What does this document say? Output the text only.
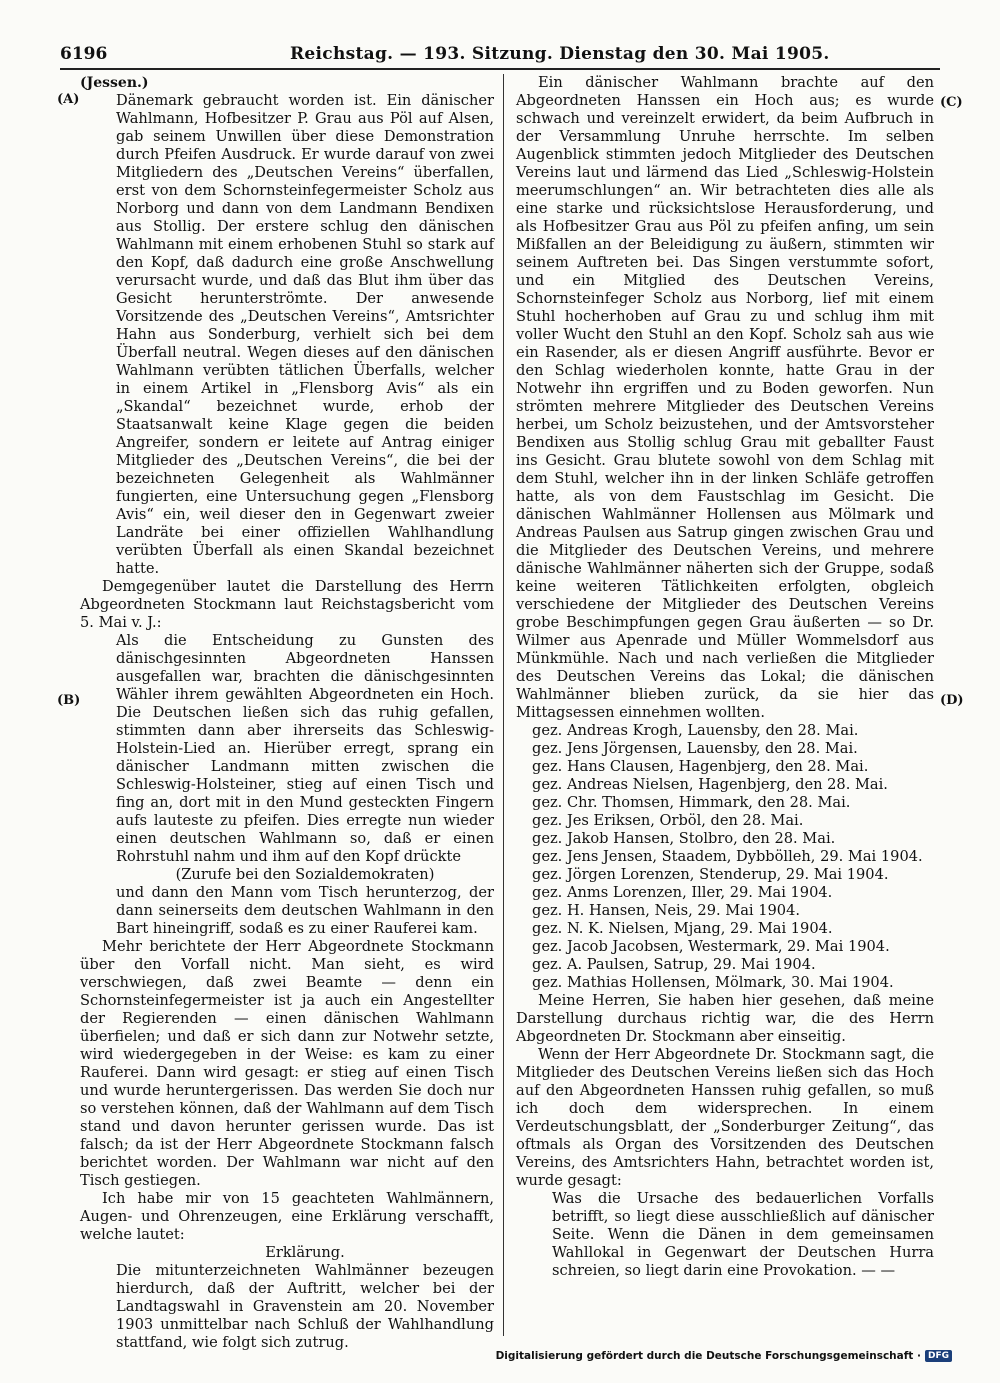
6196	Reichstag. — 193. Sitzung. Dienstag den 30. Mai 1905.
(A)
(B)
(C)
(D)

(Jessen.)

Dänemark gebraucht worden ist. Ein dänischer Wahlmann, Hofbesitzer P. Grau aus Pöl auf Alsen, gab seinem Unwillen über diese Demonstration durch Pfeifen Ausdruck. Er wurde darauf von zwei Mitgliedern des „Deutschen Vereins“ überfallen, erst von dem Schornsteinfegermeister Scholz aus Norborg und dann von dem Landmann Bendixen aus Stollig. Der erstere schlug den dänischen Wahlmann mit einem erhobenen Stuhl so stark auf den Kopf, daß dadurch eine große Anschwellung verursacht wurde, und daß das Blut ihm über das Gesicht herunterströmte. Der anwesende Vorsitzende des „Deutschen Vereins“, Amtsrichter Hahn aus Sonderburg, verhielt sich bei dem Überfall neutral. Wegen dieses auf den dänischen Wahlmann verübten tätlichen Überfalls, welcher in einem Artikel in „Flensborg Avis“ als ein „Skandal“ bezeichnet wurde, erhob der Staatsanwalt keine Klage gegen die beiden Angreifer, sondern er leitete auf Antrag einiger Mitglieder des „Deutschen Vereins“, die bei der bezeichneten Gelegenheit als Wahlmänner fungierten, eine Untersuchung gegen „Flensborg Avis“ ein, weil dieser den in Gegenwart zweier Landräte bei einer offiziellen Wahlhandlung verübten Überfall als einen Skandal bezeichnet hatte.

Demgegenüber lautet die Darstellung des Herrn Abgeordneten Stockmann laut Reichstagsbericht vom 5. Mai v. J.:

Als die Entscheidung zu Gunsten des dänischgesinnten Abgeordneten Hanssen ausgefallen war, brachten die dänischgesinnten Wähler ihrem gewählten Abgeordneten ein Hoch. Die Deutschen ließen sich das ruhig gefallen, stimmten dann aber ihrerseits das Schleswig-Holstein-Lied an. Hierüber erregt, sprang ein dänischer Landmann mitten zwischen die Schleswig-Holsteiner, stieg auf einen Tisch und fing an, dort mit in den Mund gesteckten Fingern aufs lauteste zu pfeifen. Dies erregte nun wieder einen deutschen Wahlmann so, daß er einen Rohrstuhl nahm und ihm auf den Kopf drückte

(Zurufe bei den Sozialdemokraten)

und dann den Mann vom Tisch herunterzog, der dann seinerseits dem deutschen Wahlmann in den Bart hineingriff, sodaß es zu einer Rauferei kam.

Mehr berichtete der Herr Abgeordnete Stockmann über den Vorfall nicht. Man sieht, es wird verschwiegen, daß zwei Beamte — denn ein Schornsteinfegermeister ist ja auch ein Angestellter der Regierenden — einen dänischen Wahlmann überfielen; und daß er sich dann zur Notwehr setzte, wird wiedergegeben in der Weise: es kam zu einer Rauferei. Dann wird gesagt: er stieg auf einen Tisch und wurde heruntergerissen. Das werden Sie doch nur so verstehen können, daß der Wahlmann auf dem Tisch stand und davon herunter gerissen wurde. Das ist falsch; da ist der Herr Abgeordnete Stockmann falsch berichtet worden. Der Wahlmann war nicht auf den Tisch gestiegen.

Ich habe mir von 15 geachteten Wahlmännern, Augen- und Ohrenzeugen, eine Erklärung verschafft, welche lautet:

Erklärung.

Die mitunterzeichneten Wahlmänner bezeugen hierdurch, daß der Auftritt, welcher bei der Landtagswahl in Gravenstein am 20. November 1903 unmittelbar nach Schluß der Wahlhandlung stattfand, wie folgt sich zutrug.

Ein dänischer Wahlmann brachte auf den Abgeordneten Hanssen ein Hoch aus; es wurde schwach und vereinzelt erwidert, da beim Aufbruch in der Versammlung Unruhe herrschte. Im selben Augenblick stimmten jedoch Mitglieder des Deutschen Vereins laut und lärmend das Lied „Schleswig-Holstein meerumschlungen“ an. Wir betrachteten dies alle als eine starke und rücksichtslose Herausforderung, und als Hofbesitzer Grau aus Pöl zu pfeifen anfing, um sein Mißfallen an der Beleidigung zu äußern, stimmten wir seinem Auftreten bei. Das Singen verstummte sofort, und ein Mitglied des Deutschen Vereins, Schornsteinfeger Scholz aus Norborg, lief mit einem Stuhl hocherhoben auf Grau zu und schlug ihm mit voller Wucht den Stuhl an den Kopf. Scholz sah aus wie ein Rasender, als er diesen Angriff ausführte. Bevor er den Schlag wiederholen konnte, hatte Grau in der Notwehr ihn ergriffen und zu Boden geworfen. Nun strömten mehrere Mitglieder des Deutschen Vereins herbei, um Scholz beizustehen, und der Amtsvorsteher Bendixen aus Stollig schlug Grau mit geballter Faust ins Gesicht. Grau blutete sowohl von dem Schlag mit dem Stuhl, welcher ihn in der linken Schläfe getroffen hatte, als von dem Faustschlag im Gesicht. Die dänischen Wahlmänner Hollensen aus Mölmark und Andreas Paulsen aus Satrup gingen zwischen Grau und die Mitglieder des Deutschen Vereins, und mehrere dänische Wahlmänner näherten sich der Gruppe, sodaß keine weiteren Tätlichkeiten erfolgten, obgleich verschiedene der Mitglieder des Deutschen Vereins grobe Beschimpfungen gegen Grau äußerten — so Dr. Wilmer aus Apenrade und Müller Wommelsdorf aus Münkmühle. Nach und nach verließen die Mitglieder des Deutschen Vereins das Lokal; die dänischen Wahlmänner blieben zurück, da sie hier das Mittagsessen einnehmen wollten.

gez. Andreas Krogh, Lauensby, den 28. Mai.

gez. Jens Jörgensen, Lauensby, den 28. Mai.

gez. Hans Clausen, Hagenbjerg, den 28. Mai.

gez. Andreas Nielsen, Hagenbjerg, den 28. Mai.

gez. Chr. Thomsen, Himmark, den 28. Mai.

gez. Jes Eriksen, Orböl, den 28. Mai.

gez. Jakob Hansen, Stolbro, den 28. Mai.

gez. Jens Jensen, Staadem, Dybbölleh, 29. Mai 1904.

gez. Jörgen Lorenzen, Stenderup, 29. Mai 1904.

gez. Anms Lorenzen, Iller, 29. Mai 1904.

gez. H. Hansen, Neis, 29. Mai 1904.

gez. N. K. Nielsen, Mjang, 29. Mai 1904.

gez. Jacob Jacobsen, Westermark, 29. Mai 1904.

gez. A. Paulsen, Satrup, 29. Mai 1904.

gez. Mathias Hollensen, Mölmark, 30. Mai 1904.

Meine Herren, Sie haben hier gesehen, daß meine Darstellung durchaus richtig war, die des Herrn Abgeordneten Dr. Stockmann aber einseitig.

Wenn der Herr Abgeordnete Dr. Stockmann sagt, die Mitglieder des Deutschen Vereins ließen sich das Hoch auf den Abgeordneten Hanssen ruhig gefallen, so muß ich doch dem widersprechen. In einem Verdeutschungsblatt, der „Sonderburger Zeitung“, das oftmals als Organ des Vorsitzenden des Deutschen Vereins, des Amtsrichters Hahn, betrachtet worden ist, wurde gesagt:

Was die Ursache des bedauerlichen Vorfalls betrifft, so liegt diese ausschließlich auf dänischer Seite. Wenn die Dänen in dem gemeinsamen Wahllokal in Gegenwart der Deutschen Hurra schreien, so liegt darin eine Provokation. — —

Digitalisierung gefördert durch die Deutsche Forschungsgemeinschaft · DFG
